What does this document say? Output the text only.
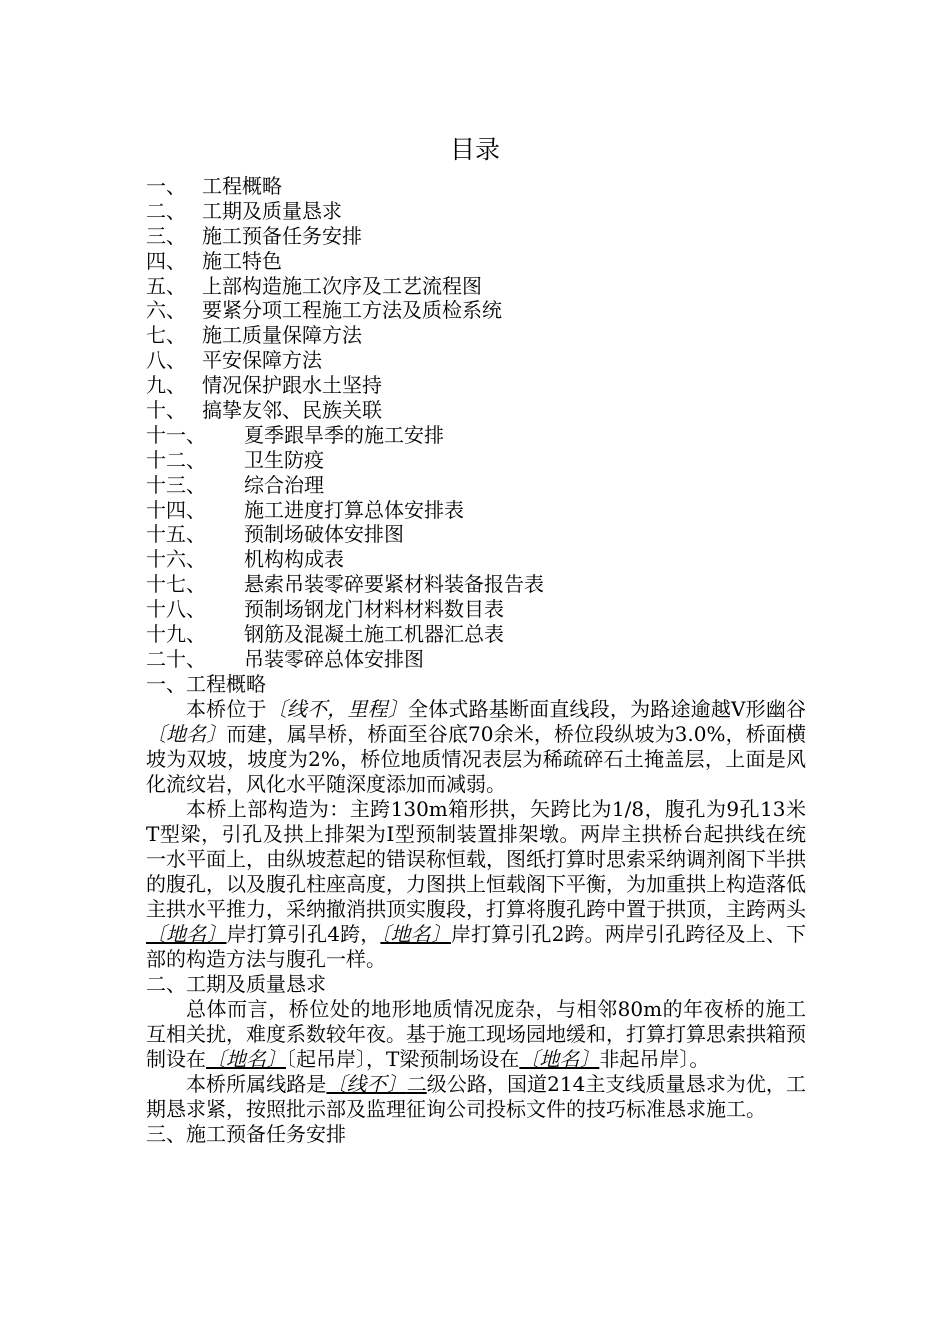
目录
一、 工程概略
二、 工期及质量恳求
三、 施工预备任务安排
四、 施工特色
五、 上部构造施工次序及工艺流程图
六、 要紧分项工程施工方法及质检系统
七、 施工质量保障方法
八、 平安保障方法
九、 情况保护跟水土坚持
十、 搞挚友邻、民族关联
十一、 夏季跟旱季的施工安排
十二、 卫生防疫
十三、 综合治理
十四、 施工进度打算总体安排表
十五、 预制场破体安排图
十六、 机构构成表
十七、 悬索吊装零碎要紧材料装备报告表
十八、 预制场钢龙门材料材料数目表
十九、 钢筋及混凝土施工机器汇总表
二十、 吊装零碎总体安排图
一、工程概略

本桥位于〔线不，里程〕全体式路基断面直线段，为路途逾越V形幽谷〔地名〕而建，属旱桥，桥面至谷底70余米，桥位段纵坡为3.0%，桥面横坡为双坡，坡度为2%，桥位地质情况表层为稀疏碎石土掩盖层，上面是风化流纹岩，风化水平随深度添加而减弱。

本桥上部构造为：主跨130m箱形拱，矢跨比为1/8，腹孔为9孔13米T型梁，引孔及拱上排架为I型预制装置排架墩。两岸主拱桥台起拱线在统一水平面上，由纵坡惹起的错误称恒载，图纸打算时思索采纳调剂阁下半拱的腹孔，以及腹孔柱座高度，力图拱上恒载阁下平衡，为加重拱上构造落低主拱水平推力，采纳撤消拱顶实腹段，打算将腹孔跨中置于拱顶，主跨两头〔地名〕岸打算引孔4跨，〔地名〕岸打算引孔2跨。两岸引孔跨径及上、下部的构造方法与腹孔一样。

二、工期及质量恳求

总体而言，桥位处的地形地质情况庞杂，与相邻80m的年夜桥的施工互相关扰，难度系数较年夜。基于施工现场园地缓和，打算打算思索拱箱预制设在〔地名〕〔起吊岸〕，T梁预制场设在〔地名〕非起吊岸〕。

本桥所属线路是〔线不〕二级公路，国道214主支线质量恳求为优，工期恳求紧，按照批示部及监理征询公司投标文件的技巧标准恳求施工。

三、施工预备任务安排
